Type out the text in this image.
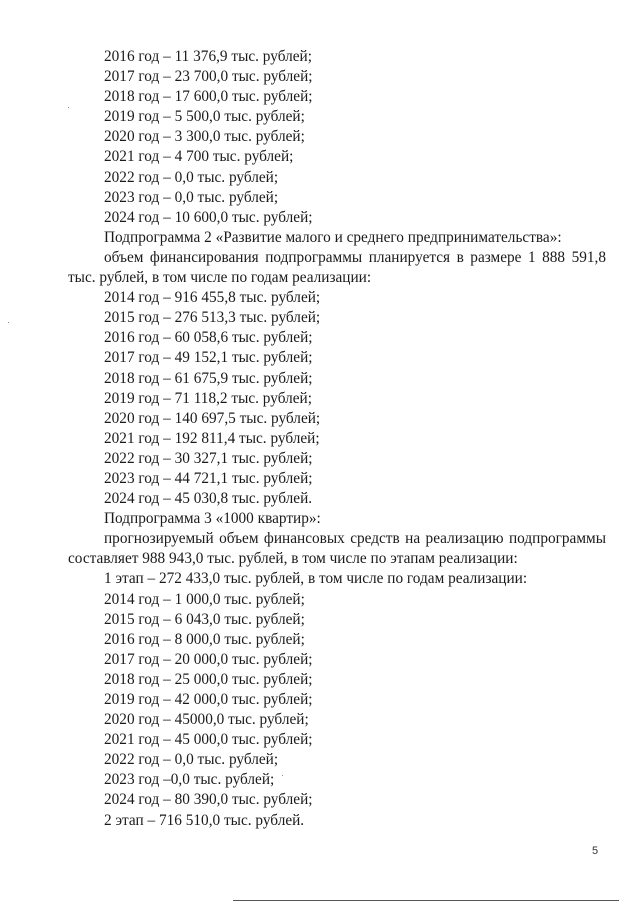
2016 год – 11 376,9 тыс. рублей;

2017 год – 23 700,0 тыс. рублей;

2018 год – 17 600,0 тыс. рублей;

2019 год – 5 500,0 тыс. рублей;

2020 год – 3 300,0 тыс. рублей;

2021 год – 4 700 тыс. рублей;

2022 год – 0,0 тыс. рублей;

2023 год – 0,0 тыс. рублей;

2024 год – 10 600,0 тыс. рублей;

Подпрограмма 2 «Развитие малого и среднего предпринимательства»:

объем финансирования подпрограммы планируется в размере 1 888 591,8 тыс. рублей, в том числе по годам реализации:

2014 год – 916 455,8 тыс. рублей;

2015 год – 276 513,3 тыс. рублей;

2016 год – 60 058,6 тыс. рублей;

2017 год – 49 152,1 тыс. рублей;

2018 год – 61 675,9 тыс. рублей;

2019 год – 71 118,2 тыс. рублей;

2020 год – 140 697,5 тыс. рублей;

2021 год – 192 811,4 тыс. рублей;

2022 год – 30 327,1 тыс. рублей;

2023 год – 44 721,1 тыс. рублей;

2024 год – 45 030,8 тыс. рублей.

Подпрограмма 3 «1000 квартир»:

прогнозируемый объем финансовых средств на реализацию подпрограммы составляет 988 943,0 тыс. рублей, в том числе по этапам реализации:

1 этап – 272 433,0 тыс. рублей, в том числе по годам реализации:

2014 год – 1 000,0 тыс. рублей;

2015 год – 6 043,0 тыс. рублей;

2016 год – 8 000,0 тыс. рублей;

2017 год – 20 000,0 тыс. рублей;

2018 год – 25 000,0 тыс. рублей;

2019 год – 42 000,0 тыс. рублей;

2020 год – 45000,0 тыс. рублей;

2021 год – 45 000,0 тыс. рублей;

2022 год – 0,0 тыс. рублей;

2023 год –0,0 тыс. рублей;

2024 год – 80 390,0 тыс. рублей;

2 этап – 716 510,0 тыс. рублей.

5
